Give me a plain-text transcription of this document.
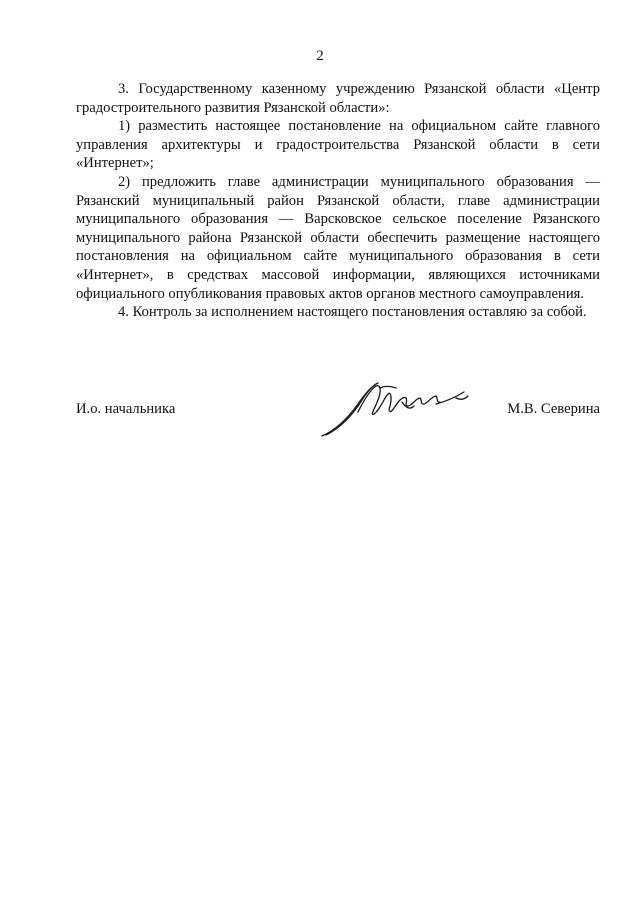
2

3. Государственному казенному учреждению Рязанской области «Центр градостроительного развития Рязанской области»:

1) разместить настоящее постановление на официальном сайте главного управления архитектуры и градостроительства Рязанской области в сети «Интернет»;

2) предложить главе администрации муниципального образования — Рязанский муниципальный район Рязанской области, главе администрации муниципального образования — Варсковское сельское поселение Рязанского муниципального района Рязанской области обеспечить размещение настоящего постановления на официальном сайте муниципального образования в сети «Интернет», в средствах массовой информации, являющихся источниками официального опубликования правовых актов органов местного самоуправления.

4. Контроль за исполнением настоящего постановления оставляю за собой.

И.о. начальника	М.В. Северина
